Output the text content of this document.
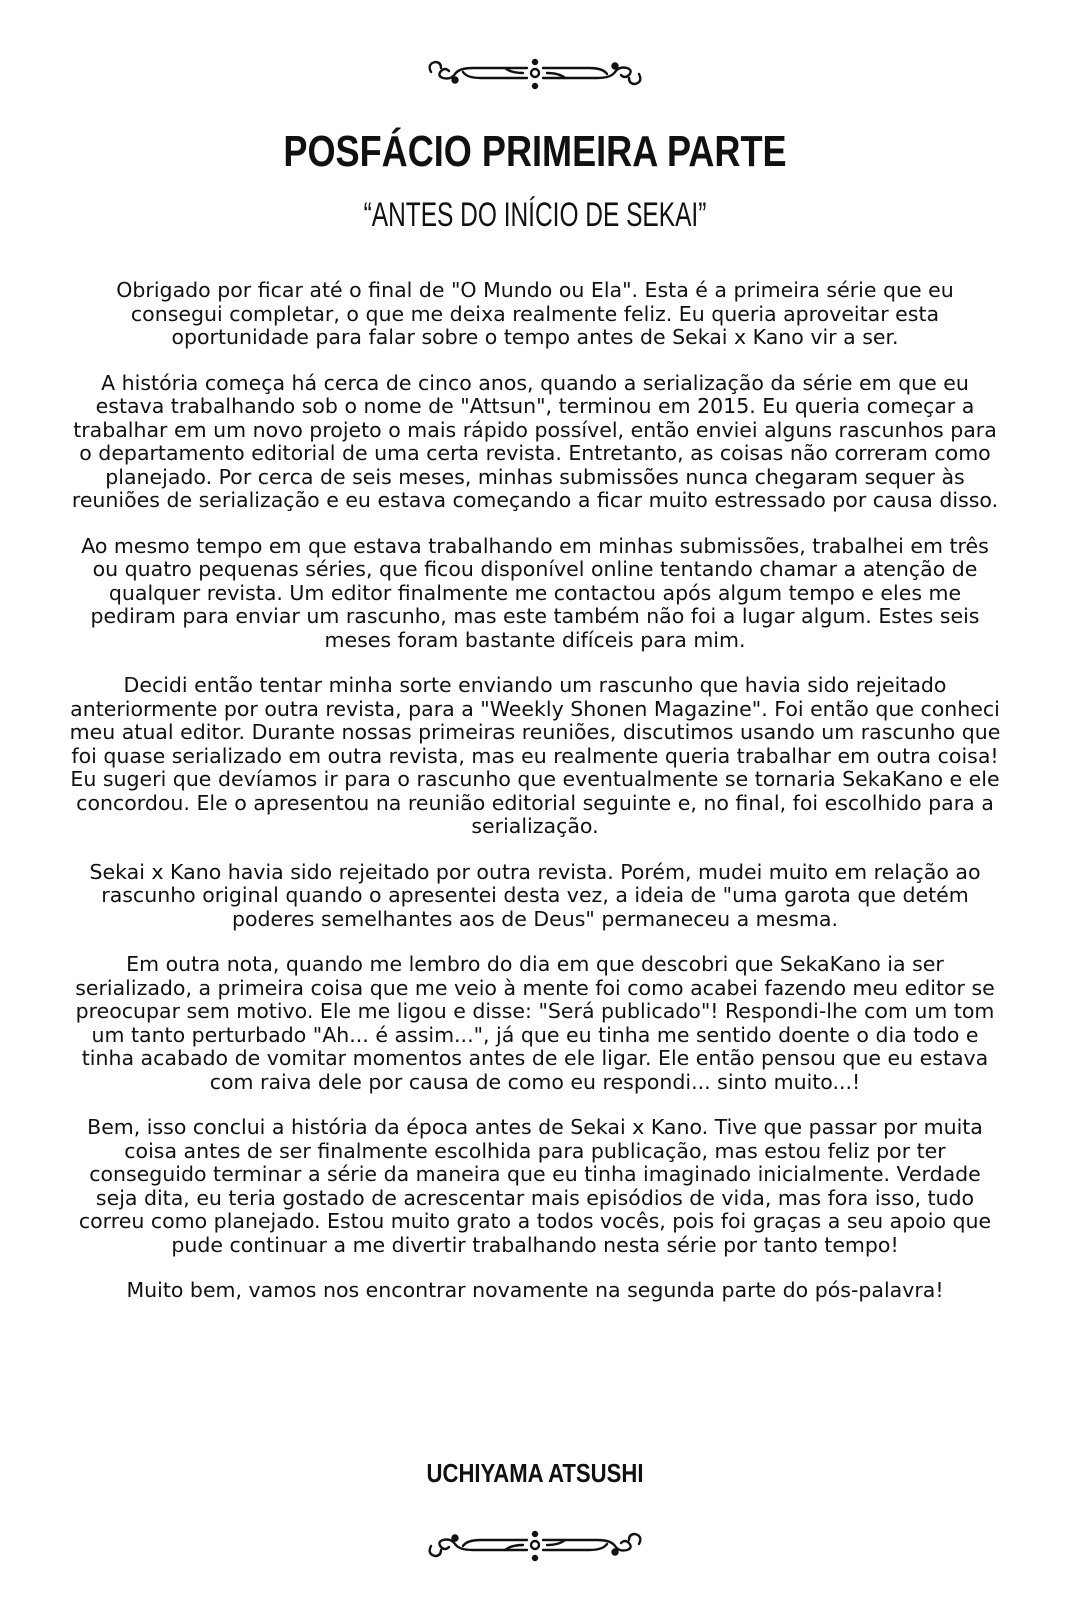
POSFÁCIO PRIMEIRA PARTE
“ANTES DO INÍCIO DE SEKAI”

Obrigado por ficar até o final de "O Mundo ou Ela". Esta é a primeira série que eu consegui completar, o que me deixa realmente feliz. Eu queria aproveitar esta oportunidade para falar sobre o tempo antes de Sekai x Kano vir a ser.

A história começa há cerca de cinco anos, quando a serialização da série em que eu estava trabalhando sob o nome de "Attsun", terminou em 2015. Eu queria começar a trabalhar em um novo projeto o mais rápido possível, então enviei alguns rascunhos para o departamento editorial de uma certa revista. Entretanto, as coisas não correram como planejado. Por cerca de seis meses, minhas submissões nunca chegaram sequer às reuniões de serialização e eu estava começando a ficar muito estressado por causa disso.

Ao mesmo tempo em que estava trabalhando em minhas submissões, trabalhei em três ou quatro pequenas séries, que ficou disponível online tentando chamar a atenção de qualquer revista. Um editor finalmente me contactou após algum tempo e eles me pediram para enviar um rascunho, mas este também não foi a lugar algum. Estes seis meses foram bastante difíceis para mim.

Decidi então tentar minha sorte enviando um rascunho que havia sido rejeitado anteriormente por outra revista, para a "Weekly Shonen Magazine". Foi então que conheci meu atual editor. Durante nossas primeiras reuniões, discutimos usando um rascunho que foi quase serializado em outra revista, mas eu realmente queria trabalhar em outra coisa! Eu sugeri que devíamos ir para o rascunho que eventualmente se tornaria SekaKano e ele concordou. Ele o apresentou na reunião editorial seguinte e, no final, foi escolhido para a serialização.

Sekai x Kano havia sido rejeitado por outra revista. Porém, mudei muito em relação ao rascunho original quando o apresentei desta vez, a ideia de "uma garota que detém poderes semelhantes aos de Deus" permaneceu a mesma.

Em outra nota, quando me lembro do dia em que descobri que SekaKano ia ser serializado, a primeira coisa que me veio à mente foi como acabei fazendo meu editor se preocupar sem motivo. Ele me ligou e disse: "Será publicado"! Respondi-lhe com um tom um tanto perturbado "Ah... é assim...", já que eu tinha me sentido doente o dia todo e tinha acabado de vomitar momentos antes de ele ligar. Ele então pensou que eu estava com raiva dele por causa de como eu respondi... sinto muito...!

Bem, isso conclui a história da época antes de Sekai x Kano. Tive que passar por muita coisa antes de ser finalmente escolhida para publicação, mas estou feliz por ter conseguido terminar a série da maneira que eu tinha imaginado inicialmente. Verdade seja dita, eu teria gostado de acrescentar mais episódios de vida, mas fora isso, tudo correu como planejado. Estou muito grato a todos vocês, pois foi graças a seu apoio que pude continuar a me divertir trabalhando nesta série por tanto tempo!

Muito bem, vamos nos encontrar novamente na segunda parte do pós-palavra!

UCHIYAMA ATSUSHI
